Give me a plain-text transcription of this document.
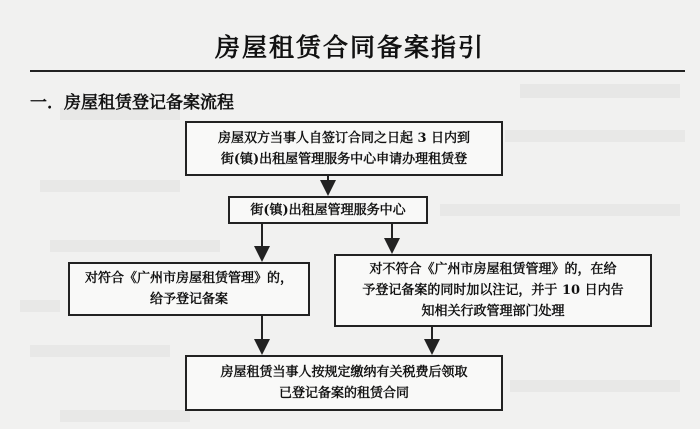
房屋租赁合同备案指引
一．房屋租赁登记备案流程
房屋双方当事人自签订合同之日起 3 日内到
街(镇)出租屋管理服务中心申请办理租赁登
街(镇)出租屋管理服务中心
对符合《广州市房屋租赁管理》的，
给予登记备案
对不符合《广州市房屋租赁管理》的，在给
予登记备案的同时加以注记，并于 10 日内告
知相关行政管理部门处理
房屋租赁当事人按规定缴纳有关税费后领取
已登记备案的租赁合同
